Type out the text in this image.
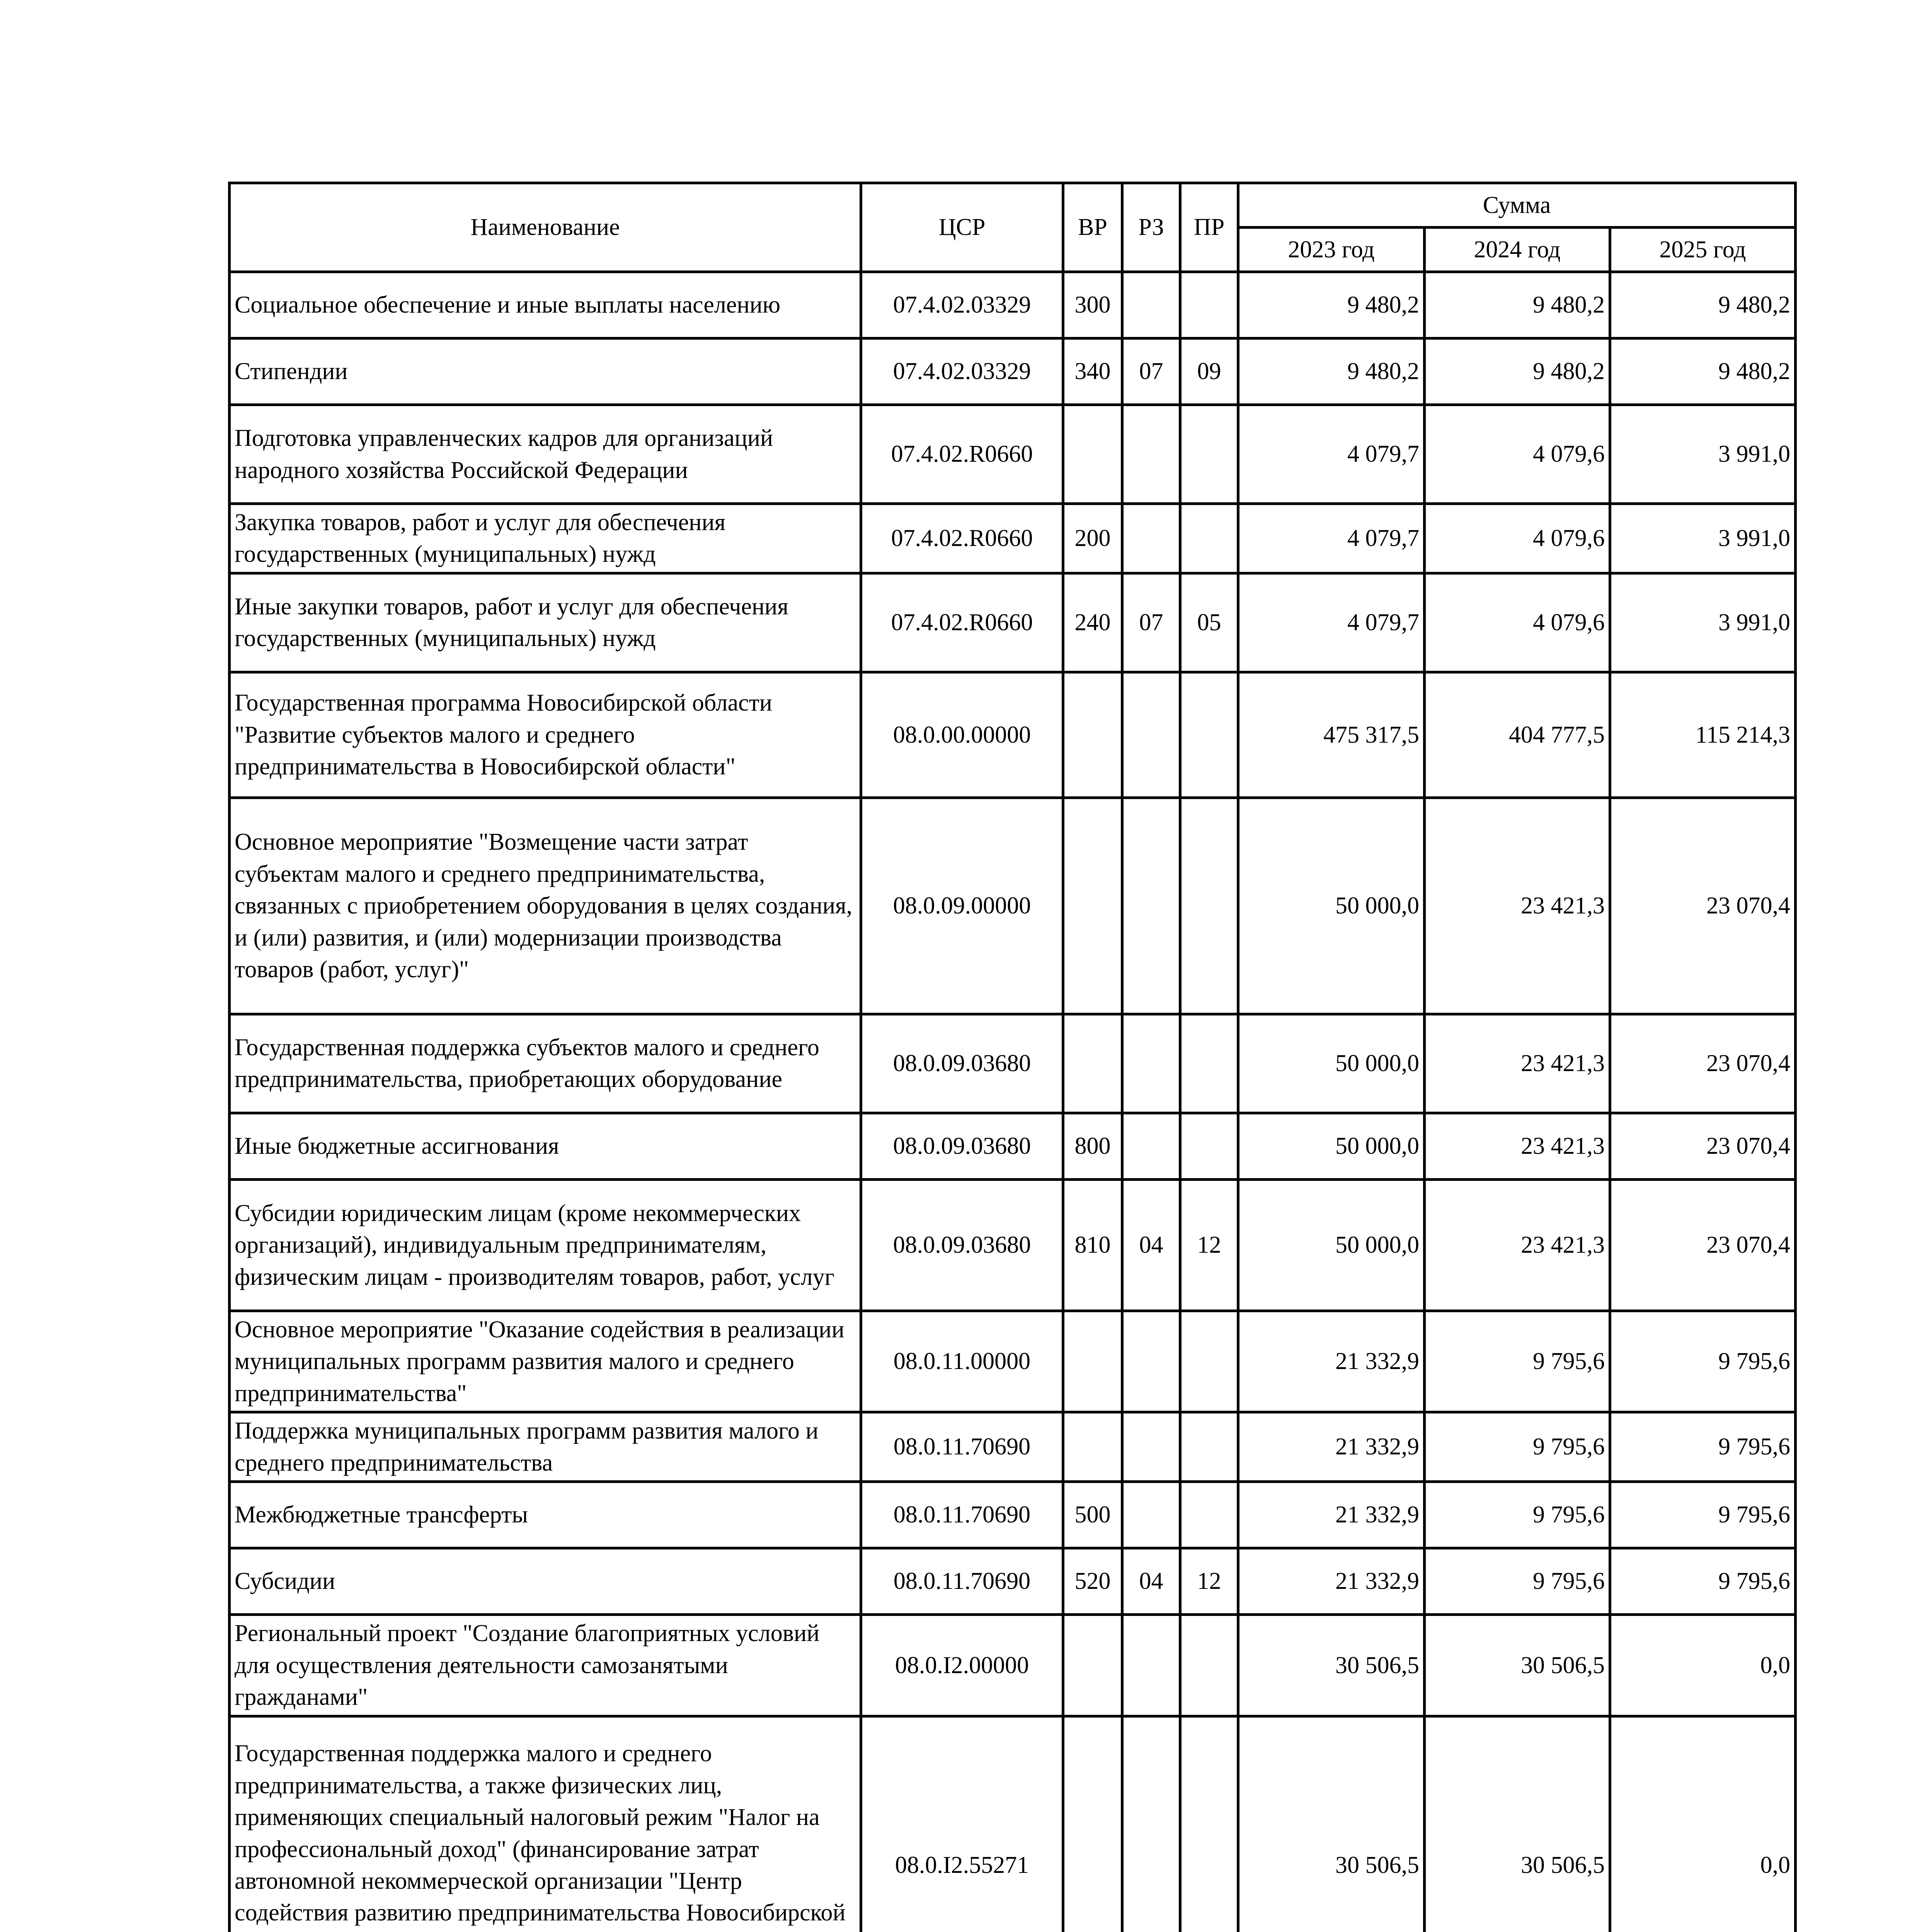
Наименование	ЦСР	ВР	РЗ	ПР	Сумма		
					2023 год	2024 год	2025 год
Социальное обеспечение и иные выплаты населению	07.4.02.03329	300			9 480,2	9 480,2	9 480,2
Стипендии	07.4.02.03329	340	07	09	9 480,2	9 480,2	9 480,2
Подготовка управленческих кадров для организаций народного хозяйства Российской Федерации	07.4.02.R0660				4 079,7	4 079,6	3 991,0
Закупка товаров, работ и услуг для обеспечения государственных (муниципальных) нужд	07.4.02.R0660	200			4 079,7	4 079,6	3 991,0
Иные закупки товаров, работ и услуг для обеспечения государственных (муниципальных) нужд	07.4.02.R0660	240	07	05	4 079,7	4 079,6	3 991,0
Государственная программа Новосибирской области "Развитие субъектов малого и среднего предпринимательства в Новосибирской области"	08.0.00.00000				475 317,5	404 777,5	115 214,3
Основное мероприятие "Возмещение части затрат субъектам малого и среднего предпринимательства, связанных с приобретением оборудования в целях создания, и (или) развития, и (или) модернизации производства товаров (работ, услуг)"	08.0.09.00000				50 000,0	23 421,3	23 070,4
Государственная поддержка субъектов малого и среднего предпринимательства, приобретающих оборудование	08.0.09.03680				50 000,0	23 421,3	23 070,4
Иные бюджетные ассигнования	08.0.09.03680	800			50 000,0	23 421,3	23 070,4
Субсидии юридическим лицам (кроме некоммерческих организаций), индивидуальным предпринимателям, физическим лицам - производителям товаров, работ, услуг	08.0.09.03680	810	04	12	50 000,0	23 421,3	23 070,4
Основное мероприятие "Оказание содействия в реализации муниципальных программ развития малого и среднего предпринимательства"	08.0.11.00000				21 332,9	9 795,6	9 795,6
Поддержка муниципальных программ развития малого и среднего предпринимательства	08.0.11.70690				21 332,9	9 795,6	9 795,6
Межбюджетные трансферты	08.0.11.70690	500			21 332,9	9 795,6	9 795,6
Субсидии	08.0.11.70690	520	04	12	21 332,9	9 795,6	9 795,6
Региональный проект "Создание благоприятных условий для осуществления деятельности самозанятыми гражданами"	08.0.I2.00000				30 506,5	30 506,5	0,0
Государственная поддержка малого и среднего предпринимательства, а также физических лиц, применяющих специальный налоговый режим "Налог на профессиональный доход" (финансирование затрат автономной некоммерческой организации "Центр содействия развитию предпринимательства Новосибирской	08.0.I2.55271				30 506,5	30 506,5	0,0
